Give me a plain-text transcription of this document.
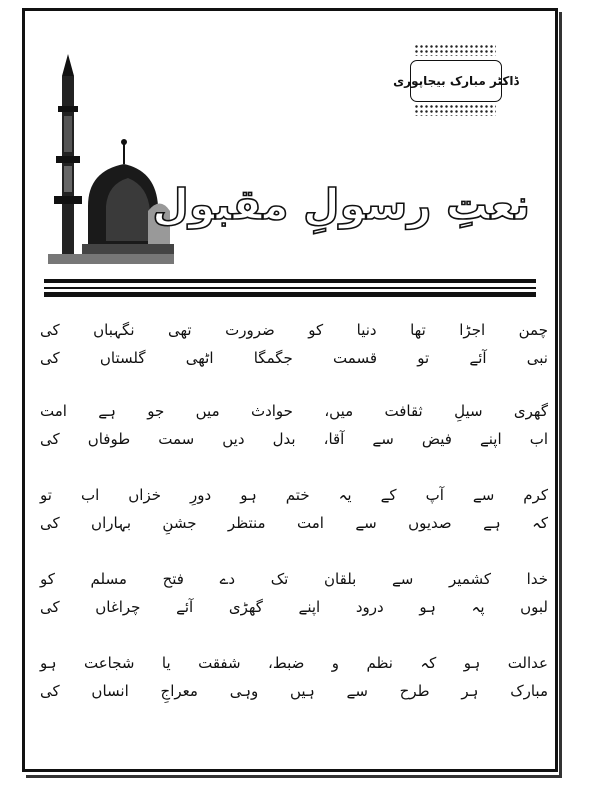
ڈاکٹر مبارک بیجاپوری
نعتِ رسولِ مقبول
چمن اجڑا تھا دنیا کو ضرورت تھی نگہباں کی
نبی آئے تو قسمت جگمگا اٹھی گلستاں کی
گھری سیلِ ثقافت میں، حوادث میں جو ہے امت
اب اپنے فیض سے آقا، بدل دیں سمت طوفاں کی
کرم سے آپ کے یہ ختم ہو دورِ خزاں اب تو
کہ ہے صدیوں سے امت منتظر جشنِ بہاراں کی
خدا کشمیر سے بلقان تک دے فتح مسلم کو
لبوں پہ ہو درود اپنے گھڑی آئے چراغاں کی
عدالت ہو کہ نظم و ضبط، شفقت یا شجاعت ہو
مبارک ہر طرح سے ہیں وہی معراجِ انساں کی
